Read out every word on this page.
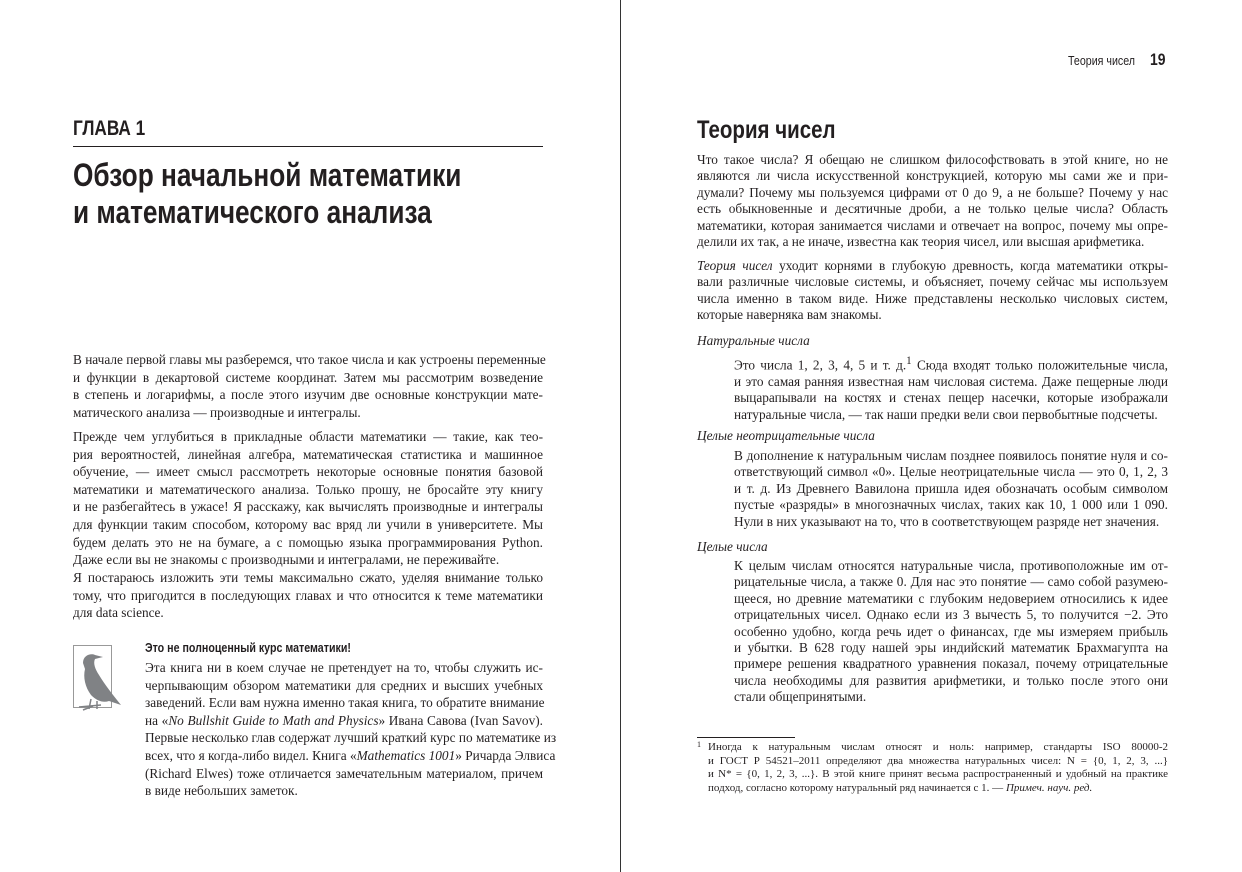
ГЛАВА 1
Обзор начальной математики
и математического анализа
В начале первой главы мы разберемся, что такое числа и как устроены переменные
и функции в декартовой системе координат. Затем мы рассмотрим возведение
в степень и логарифмы, а после этого изучим две основные конструкции мате-
матического анализа — производные и интегралы.
Прежде чем углубиться в прикладные области математики — такие, как тео-
рия вероятностей, линейная алгебра, математическая статистика и машинное
обучение, — имеет смысл рассмотреть некоторые основные понятия базовой
математики и математического анализа. Только прошу, не бросайте эту книгу
и не разбегайтесь в ужасе! Я расскажу, как вычислять производные и интегралы
для функции таким способом, которому вас вряд ли учили в университете. Мы
будем делать это не на бумаге, а с помощью языка программирования Python.
Даже если вы не знакомы с производными и интегралами, не переживайте.
Я постараюсь изложить эти темы максимально сжато, уделяя внимание только
тому, что пригодится в последующих главах и что относится к теме математики
для data science.
Это не полноценный курс математики!
Эта книга ни в коем случае не претендует на то, чтобы служить ис-
черпывающим обзором математики для средних и высших учебных
заведений. Если вам нужна именно такая книга, то обратите внимание
на «No Bullshit Guide to Math and Physics» Ивана Савова (Ivan Savov).
Первые несколько глав содержат лучший краткий курс по математике из
всех, что я когда-либо видел. Книга «Mathematics 1001» Ричарда Элвиса
(Richard Elwes) тоже отличается замечательным материалом, причем
в виде небольших заметок.
Теория чисел 19
Теория чисел
Что такое числа? Я обещаю не слишком философствовать в этой книге, но не
являются ли числа искусственной конструкцией, которую мы сами же и при-
думали? Почему мы пользуемся цифрами от 0 до 9, а не больше? Почему у нас
есть обыкновенные и десятичные дроби, а не только целые числа? Область
математики, которая занимается числами и отвечает на вопрос, почему мы опре-
делили их так, а не иначе, известна как теория чисел, или высшая арифметика.
Теория чисел уходит корнями в глубокую древность, когда математики откры-
вали различные числовые системы, и объясняет, почему сейчас мы используем
числа именно в таком виде. Ниже представлены несколько числовых систем,
которые наверняка вам знакомы.
Натуральные числа
Это числа 1, 2, 3, 4, 5 и т. д.$^1$ Сюда входят только положительные числа,
и это самая ранняя известная нам числовая система. Даже пещерные люди
выцарапывали на костях и стенах пещер насечки, которые изображали
натуральные числа, — так наши предки вели свои первобытные подсчеты.
Целые неотрицательные числа
В дополнение к натуральным числам позднее появилось понятие нуля и со-
ответствующий символ «0». Целые неотрицательные числа — это 0, 1, 2, 3
и т. д. Из Древнего Вавилона пришла идея обозначать особым символом
пустые «разряды» в многозначных числах, таких как 10, 1 000 или 1 090.
Нули в них указывают на то, что в соответствующем разряде нет значения.
Целые числа
К целым числам относятся натуральные числа, противоположные им от-
рицательные числа, а также 0. Для нас это понятие — само собой разумею-
щееся, но древние математики с глубоким недоверием относились к идее
отрицательных чисел. Однако если из 3 вычесть 5, то получится −2. Это
особенно удобно, когда речь идет о финансах, где мы измеряем прибыль
и убытки. В 628 году нашей эры индийский математик Брахмагупта на
примере решения квадратного уравнения показал, почему отрицательные
числа необходимы для развития арифметики, и только после этого они
стали общепринятыми.
1 Иногда к натуральным числам относят и ноль: например, стандарты ISO 80000-2
и ГОСТ Р 54521–2011 определяют два множества натуральных чисел: N = {0, 1, 2, 3, ...}
и N* = {0, 1, 2, 3, ...}. В этой книге принят весьма распространенный и удобный на практике
подход, согласно которому натуральный ряд начинается с 1. — Примеч. науч. ред.
